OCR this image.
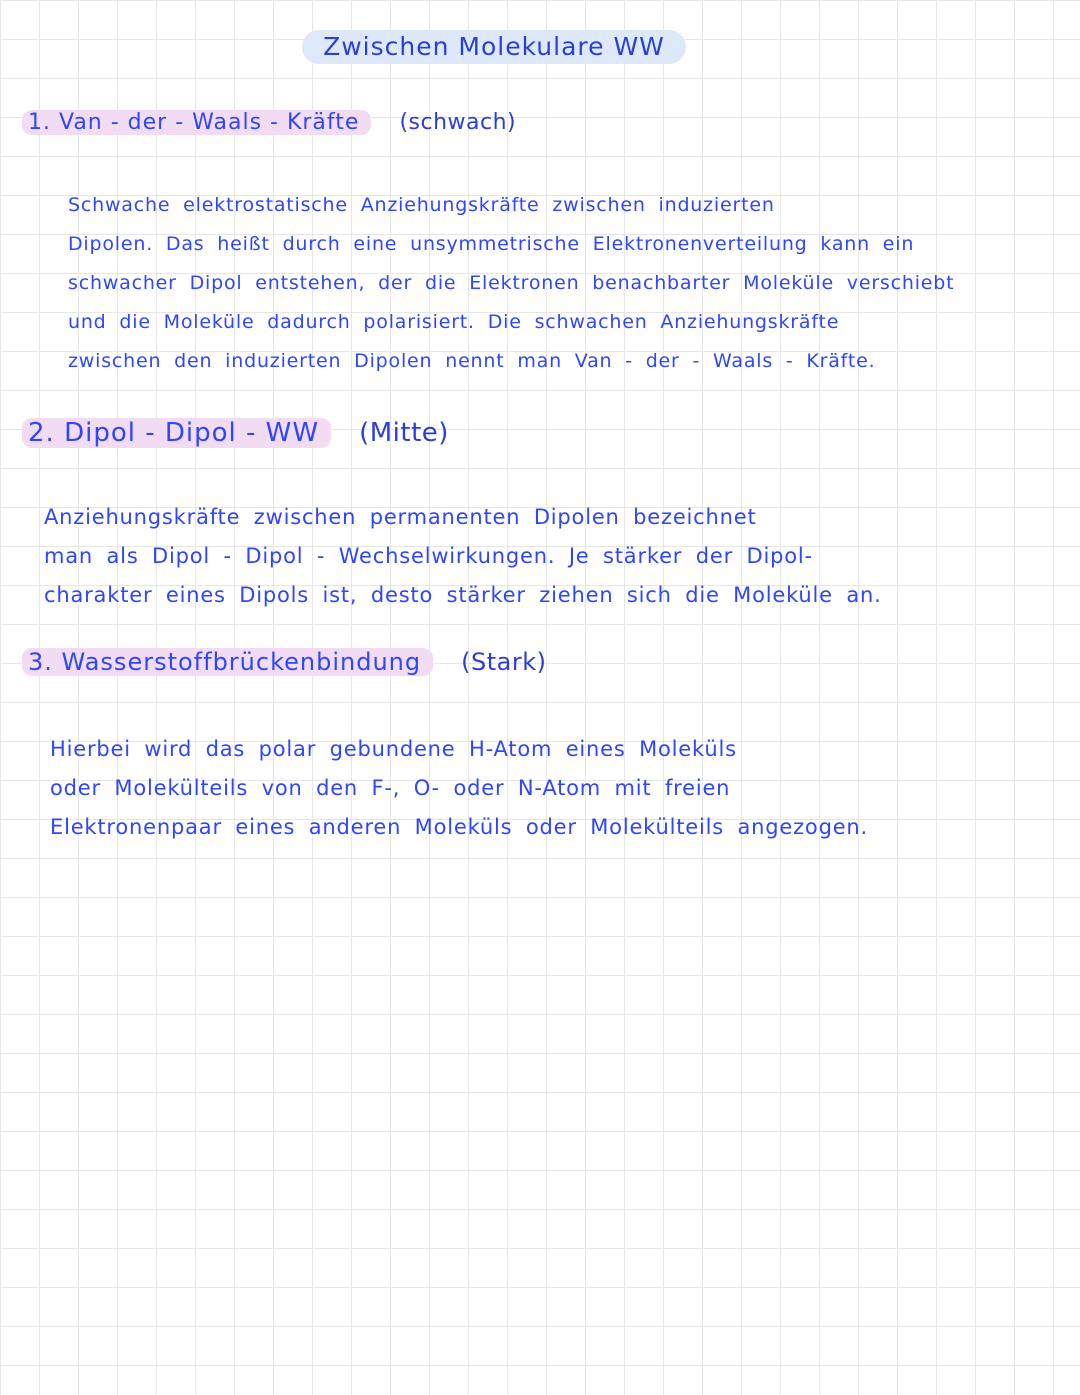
Zwischen Molekulare WW
1. Van - der - Waals - Kräfte	(schwach)
Schwache elektrostatische Anziehungskräfte zwischen induzierten
Dipolen. Das heißt durch eine unsymmetrische Elektronenverteilung kann ein
schwacher Dipol entstehen, der die Elektronen benachbarter Moleküle verschiebt
und die Moleküle dadurch polarisiert. Die schwachen Anziehungskräfte
zwischen den induzierten Dipolen nennt man Van - der - Waals - Kräfte.
2. Dipol - Dipol - WW	(Mitte)
Anziehungskräfte zwischen permanenten Dipolen bezeichnet
man als Dipol - Dipol - Wechselwirkungen. Je stärker der Dipol-
charakter eines Dipols ist, desto stärker ziehen sich die Moleküle an.
3. Wasserstoffbrückenbindung	(Stark)
Hierbei wird das polar gebundene H-Atom eines Moleküls
oder Molekülteils von den F-, O- oder N-Atom mit freien
Elektronenpaar eines anderen Moleküls oder Molekülteils angezogen.
